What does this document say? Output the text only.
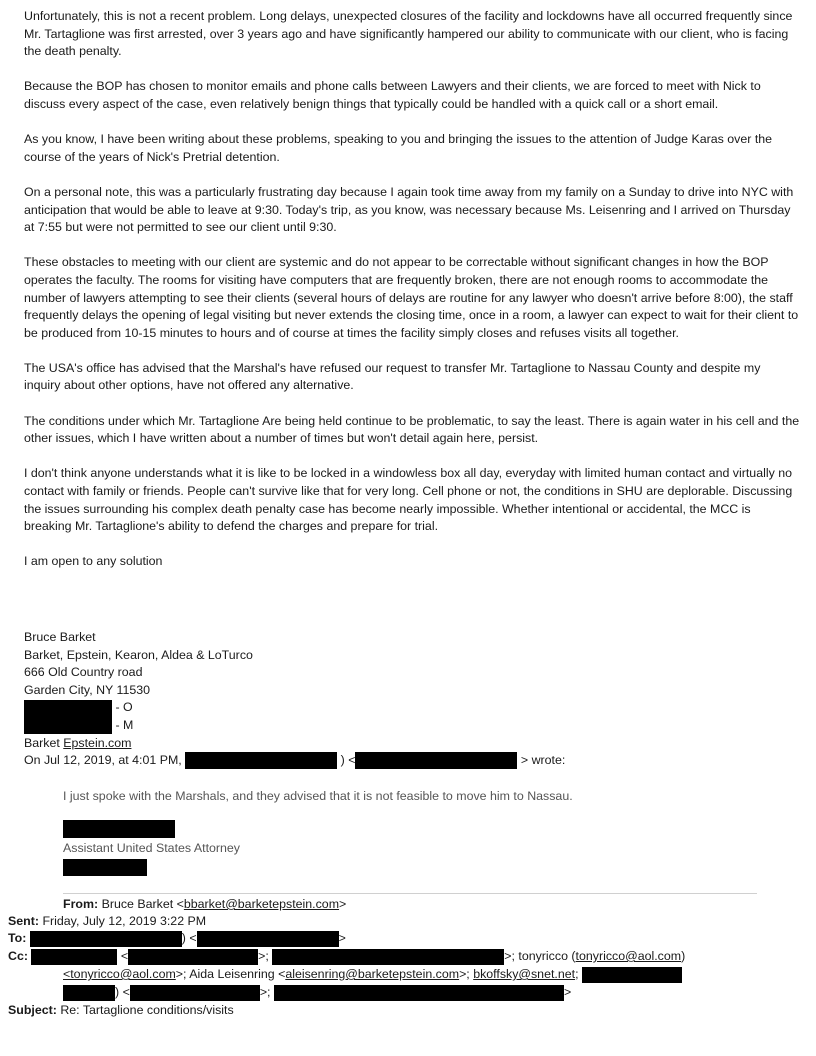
Unfortunately, this is not a recent problem. Long delays, unexpected closures of the facility and lockdowns have all occurred frequently since Mr. Tartaglione was first arrested, over 3 years ago and have significantly hampered our ability to communicate with our client, who is facing the death penalty.

Because the BOP has chosen to monitor emails and phone calls between Lawyers and their clients, we are forced to meet with Nick to discuss every aspect of the case, even relatively benign things that typically could be handled with a quick call or a short email.

As you know, I have been writing about these problems, speaking to you and bringing the issues to the attention of Judge Karas over the course of the years of Nick's Pretrial detention.

On a personal note, this was a particularly frustrating day because I again took time away from my family on a Sunday to drive into NYC with anticipation that would be able to leave at 9:30. Today's trip, as you know, was necessary because Ms. Leisenring and I arrived on Thursday at 7:55 but were not permitted to see our client until 9:30.

These obstacles to meeting with our client are systemic and do not appear to be correctable without significant changes in how the BOP operates the faculty. The rooms for visiting have computers that are frequently broken, there are not enough rooms to accommodate the number of lawyers attempting to see their clients (several hours of delays are routine for any lawyer who doesn't arrive before 8:00), the staff frequently delays the opening of legal visiting but never extends the closing time, once in a room, a lawyer can expect to wait for their client to be produced from 10-15 minutes to hours and of course at times the facility simply closes and refuses visits all together.

The USA's office has advised that the Marshal's have refused our request to transfer Mr. Tartaglione to Nassau County and despite my inquiry about other options, have not offered any alternative.

The conditions under which Mr. Tartaglione Are being held continue to be problematic, to say the least. There is again water in his cell and the other issues, which I have written about a number of times but won't detail again here, persist.

I don't think anyone understands what it is like to be locked in a windowless box all day, everyday with limited human contact and virtually no contact with family or friends. People can't survive like that for very long. Cell phone or not, the conditions in SHU are deplorable. Discussing the issues surrounding his complex death penalty case has become nearly impossible. Whether intentional or accidental, the MCC is breaking Mr. Tartaglione's ability to defend the charges and prepare for trial.

I am open to any solution

Bruce Barket
Barket, Epstein, Kearon, Aldea & LoTurco
666 Old Country road
Garden City, NY 11530
- O
- M
Barket Epstein.com
On Jul 12, 2019, at 4:01 PM,	) <	> wrote:
I just spoke with the Marshals, and they advised that it is not feasible to move him to Nassau.
Assistant United States Attorney
From: Bruce Barket <bbarket@barketepstein.com>
Sent: Friday, July 12, 2019 3:22 PM
To:	) <	>
Cc:	<	>;	>; tonyricco (tonyricco@aol.com)
<tonyricco@aol.com>; Aida Leisenring <aleisenring@barketepstein.com>; bkoffsky@snet.net;
) <	>;	>
Subject: Re: Tartaglione conditions/visits
